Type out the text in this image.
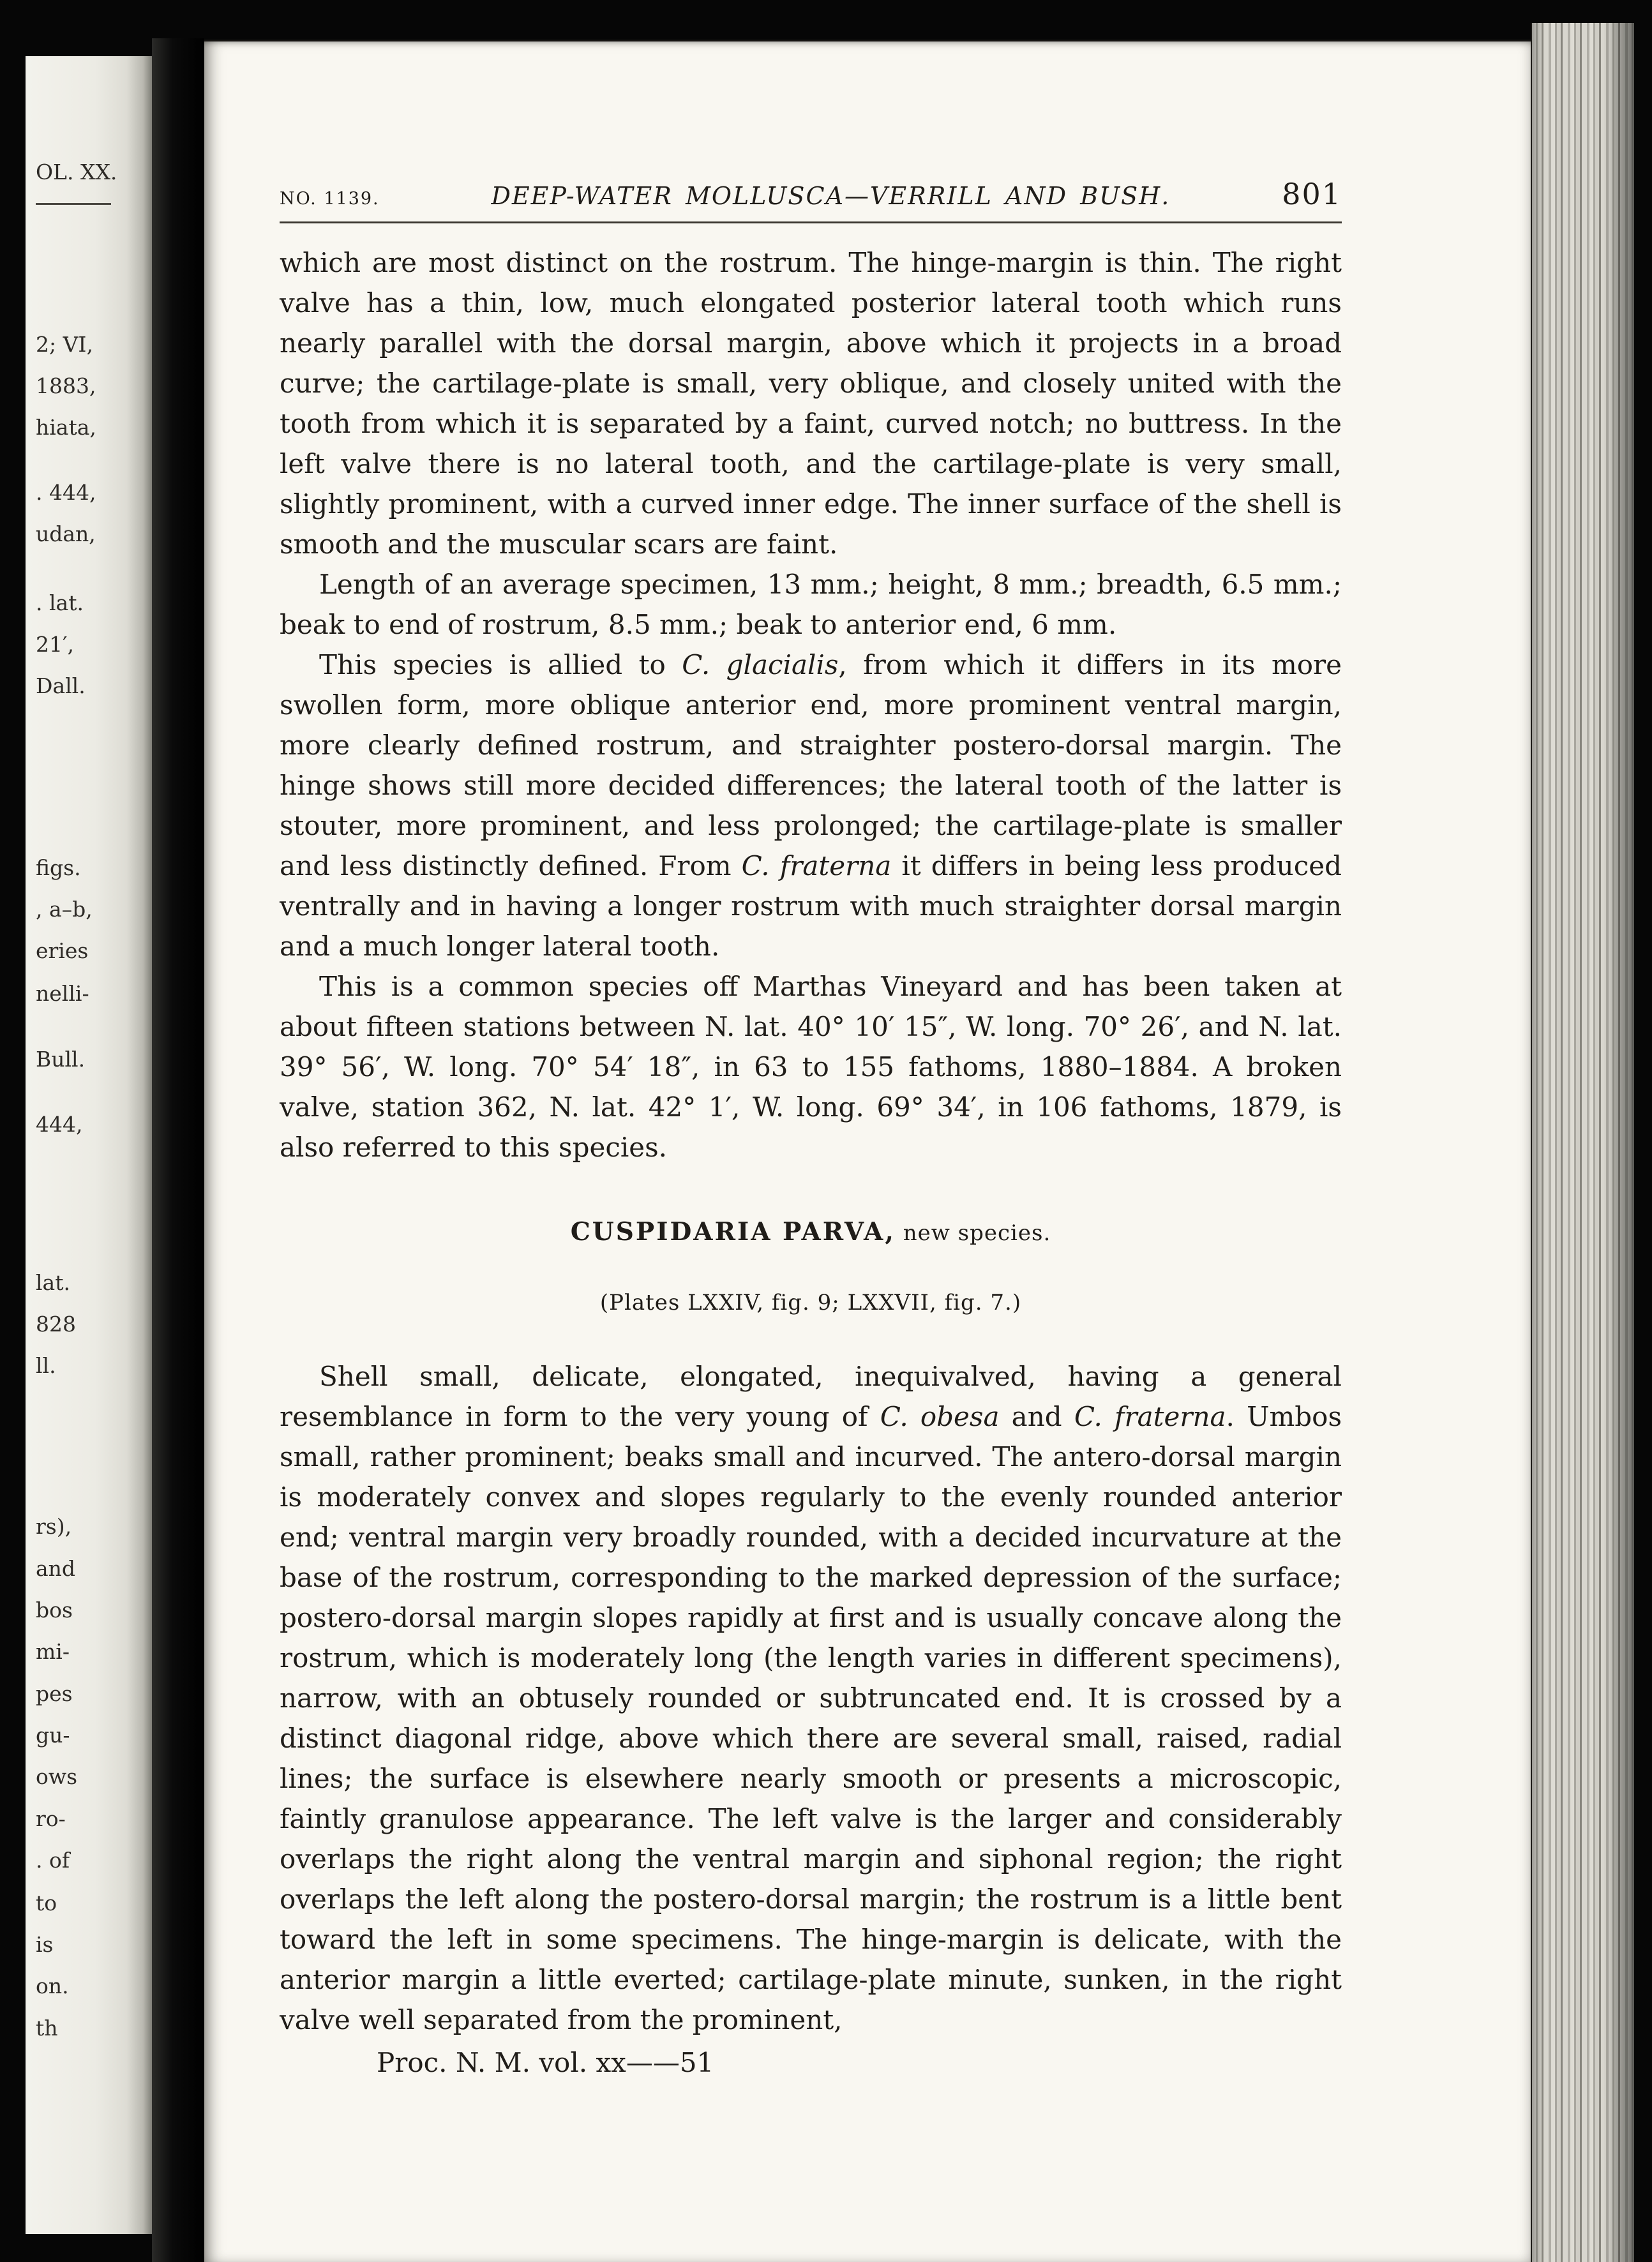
OL. XX.
2; VI,
1883,
hiata,
. 444,
udan,
. lat.
21′,
Dall.
figs.
, a–b,
eries
nelli-
Bull.
444,
lat.
828
ll.
rs),
and
bos
mi-
pes
gu-
ows
ro-
. of
to
is
on.
th
NO. 1139.	DEEP-WATER MOLLUSCA—VERRILL AND BUSH.	801

which are most distinct on the rostrum. The hinge-margin is thin. The right valve has a thin, low, much elongated posterior lateral tooth which runs nearly parallel with the dorsal margin, above which it projects in a broad curve; the cartilage-plate is small, very oblique, and closely united with the tooth from which it is separated by a faint, curved notch; no buttress. In the left valve there is no lateral tooth, and the cartilage-plate is very small, slightly prominent, with a curved inner edge. The inner surface of the shell is smooth and the muscular scars are faint.

Length of an average specimen, 13 mm.; height, 8 mm.; breadth, 6.5 mm.; beak to end of rostrum, 8.5 mm.; beak to anterior end, 6 mm.

This species is allied to C. glacialis, from which it differs in its more swollen form, more oblique anterior end, more prominent ventral margin, more clearly defined rostrum, and straighter postero-dorsal margin. The hinge shows still more decided differences; the lateral tooth of the latter is stouter, more prominent, and less prolonged; the cartilage-plate is smaller and less distinctly defined. From C. fraterna it differs in being less produced ventrally and in having a longer rostrum with much straighter dorsal margin and a much longer lateral tooth.

This is a common species off Marthas Vineyard and has been taken at about fifteen stations between N. lat. 40° 10′ 15″, W. long. 70° 26′, and N. lat. 39° 56′, W. long. 70° 54′ 18″, in 63 to 155 fathoms, 1880–1884. A broken valve, station 362, N. lat. 42° 1′, W. long. 69° 34′, in 106 fathoms, 1879, is also referred to this species.

CUSPIDARIA PARVA, new species.
(Plates LXXIV, fig. 9; LXXVII, fig. 7.)

Shell small, delicate, elongated, inequivalved, having a general resemblance in form to the very young of C. obesa and C. fraterna. Umbos small, rather prominent; beaks small and incurved. The antero-dorsal margin is moderately convex and slopes regularly to the evenly rounded anterior end; ventral margin very broadly rounded, with a decided incurvature at the base of the rostrum, corresponding to the marked depression of the surface; postero-dorsal margin slopes rapidly at first and is usually concave along the rostrum, which is moderately long (the length varies in different specimens), narrow, with an obtusely rounded or subtruncated end. It is crossed by a distinct diagonal ridge, above which there are several small, raised, radial lines; the surface is elsewhere nearly smooth or presents a microscopic, faintly granulose appearance. The left valve is the larger and considerably overlaps the right along the ventral margin and siphonal region; the right overlaps the left along the postero-dorsal margin; the rostrum is a little bent toward the left in some specimens. The hinge-margin is delicate, with the anterior margin a little everted; cartilage-plate minute, sunken, in the right valve well separated from the prominent,

Proc. N. M. vol. xx——51
